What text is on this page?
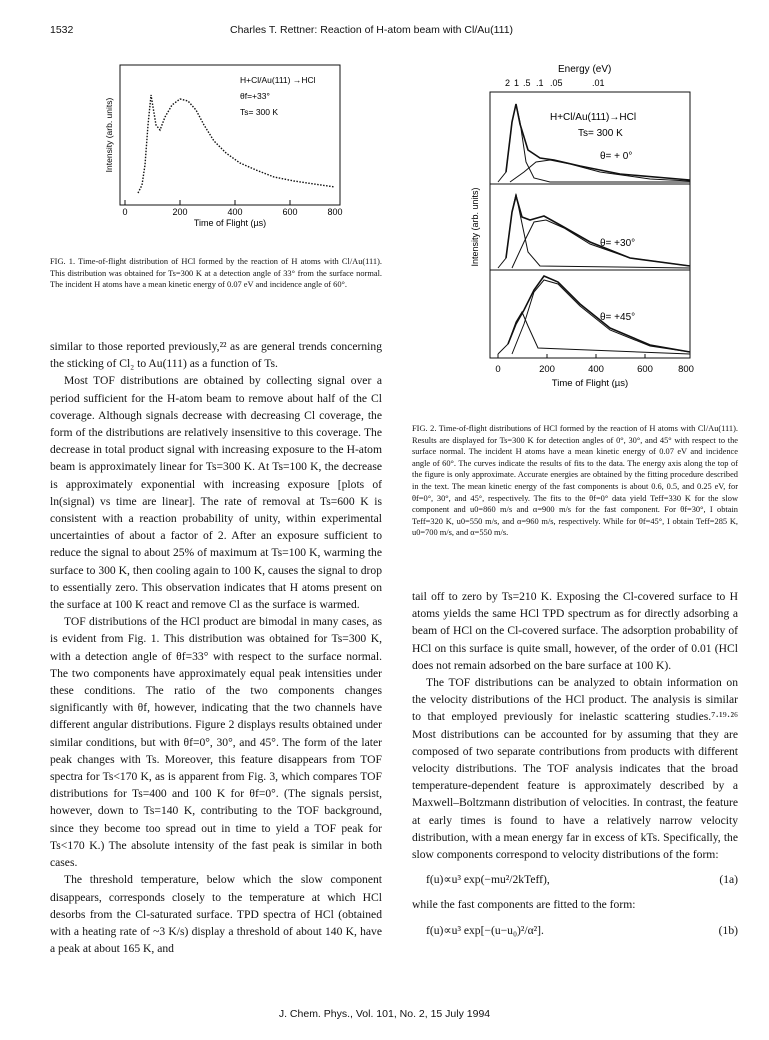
1532	Charles T. Rettner: Reaction of H-atom beam with Cl/Au(111)
0	200	400	600	800
Time of Flight (µs)
Intensity (arb. units)
H+Cl/Au(111) →HCl
θf=+33°
Ts= 300 K
FIG. 1. Time-of-flight distribution of HCl formed by the reaction of H atoms with Cl/Au(111). This distribution was obtained for Ts=300 K at a detection angle of 33° from the surface normal. The incident H atoms have a mean kinetic energy of 0.07 eV and incidence angle of 60°.
Energy (eV)
2 1 .5 .1 .05	.01
Intensity (arb. units)
H+Cl/Au(111)→HCl
Ts= 300 K
θ= + 0°
θ= +30°
θ= +45°
0	200	400	600	800
Time of Flight (µs)
FIG. 2. Time-of-flight distributions of HCl formed by the reaction of H atoms with Cl/Au(111). Results are displayed for Ts=300 K for detection angles of 0°, 30°, and 45° with respect to the surface normal. The incident H atoms have a mean kinetic energy of 0.07 eV and incidence angle of 60°. The curves indicate the results of fits to the data. The energy axis along the top of the figure is only approximate. Accurate energies are obtained by the fitting procedure described in the text. The mean kinetic energy of the fast components is about 0.6, 0.5, and 0.25 eV, for θf=0°, 30°, and 45°, respectively. The fits to the θf=0° data yield Teff=330 K for the slow component and u0=860 m/s and α=900 m/s for the fast component. For θf=30°, I obtain Teff=320 K, u0=550 m/s, and α=960 m/s, respectively. While for θf=45°, I obtain Teff=285 K, u0=700 m/s, and α=550 m/s.

similar to those reported previously,²² as are general trends concerning the sticking of Cl₂ to Au(111) as a function of Ts.

Most TOF distributions are obtained by collecting signal over a period sufficient for the H-atom beam to remove about half of the Cl coverage. Although signals decrease with decreasing Cl coverage, the form of the distributions are relatively insensitive to this coverage. The decrease in total product signal with increasing exposure to the H-atom beam is approximately linear for Ts=300 K. At Ts=100 K, the decrease is approximately exponential with increasing exposure [plots of ln(signal) vs time are linear]. The rate of removal at Ts=600 K is consistent with a reaction probability of unity, within experimental uncertainties of about a factor of 2. After an exposure sufficient to reduce the signal to about 25% of maximum at Ts=100 K, warming the surface to 300 K, then cooling again to 100 K, causes the signal to drop to essentially zero. This observation indicates that H atoms present on the surface at 100 K react and remove Cl as the surface is warmed.

TOF distributions of the HCl product are bimodal in many cases, as is evident from Fig. 1. This distribution was obtained for Ts=300 K, with a detection angle of θf=33° with respect to the surface normal. The two components have approximately equal peak intensities under these conditions. The ratio of the two components changes significantly with θf, however, indicating that the two channels have different angular distributions. Figure 2 displays results obtained under similar conditions, but with θf=0°, 30°, and 45°. The form of the later peak changes with Ts. Moreover, this feature disappears from TOF spectra for Ts<170 K, as is apparent from Fig. 3, which compares TOF distributions for Ts=400 and 100 K for θf=0°. (The signals persist, however, down to Ts=140 K, contributing to the TOF background, since they become too spread out in time to yield a TOF peak for Ts<170 K.) The absolute intensity of the fast peak is similar in both cases.

The threshold temperature, below which the slow component disappears, corresponds closely to the temperature at which HCl desorbs from the Cl-saturated surface. TPD spectra of HCl (obtained with a heating rate of ~3 K/s) display a threshold of about 140 K, have a peak at about 165 K, and

tail off to zero by Ts=210 K. Exposing the Cl-covered surface to H atoms yields the same HCl TPD spectrum as for directly adsorbing a beam of HCl on the Cl-covered surface. The adsorption probability of HCl on this surface is quite small, however, of the order of 0.01 (HCl does not remain adsorbed on the bare surface at 100 K).

The TOF distributions can be analyzed to obtain information on the velocity distributions of the HCl product. The analysis is similar to that employed previously for inelastic scattering studies.⁷·¹⁹·²⁶ Most distributions can be accounted for by assuming that they are composed of two separate contributions from products with different velocity distributions. The TOF analysis indicates that the broad temperature-dependent feature is approximately described by a Maxwell–Boltzmann distribution of velocities. In contrast, the feature at early times is found to have a relatively narrow velocity distribution, with a mean energy far in excess of kTs. Specifically, the slow components correspond to velocity distributions of the form:

f(u)∝u³ exp(−mu²/2kTeff),	(1a)

while the fast components are fitted to the form:

f(u)∝u³ exp[−(u−u₀)²/α²].	(1b)
J. Chem. Phys., Vol. 101, No. 2, 15 July 1994
